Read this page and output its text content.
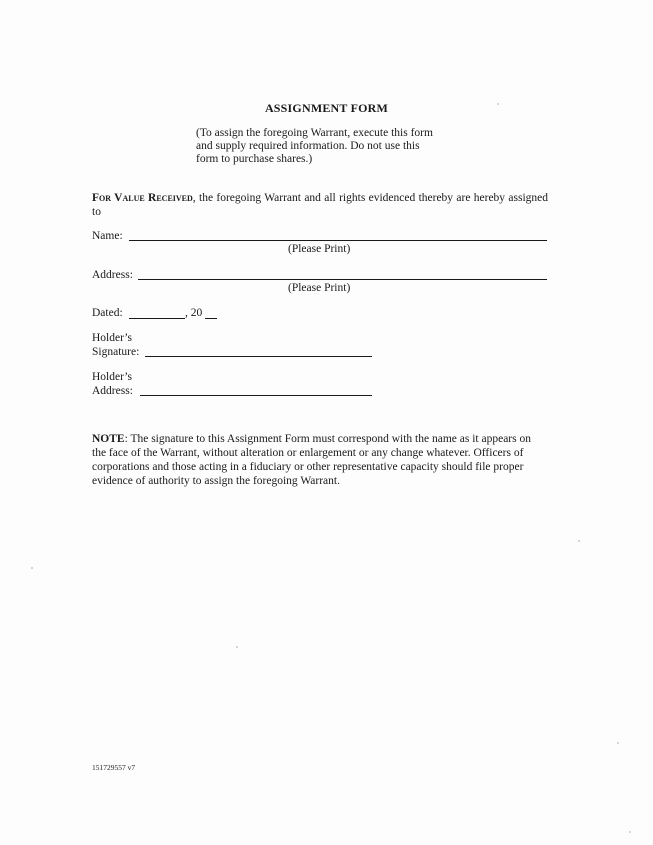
ASSIGNMENT FORM
(To assign the foregoing Warrant, execute this form
and supply required information. Do not use this
form to purchase shares.)
For Value Received, the foregoing Warrant and all rights evidenced thereby are hereby assigned to
Name:
(Please Print)
Address:
(Please Print)
Dated:	, 20
Holder’s
Signature:
Holder’s
Address:
NOTE: The signature to this Assignment Form must correspond with the name as it appears on
the face of the Warrant, without alteration or enlargement or any change whatever. Officers of
corporations and those acting in a fiduciary or other representative capacity should file proper
evidence of authority to assign the foregoing Warrant.
151729557 v7
